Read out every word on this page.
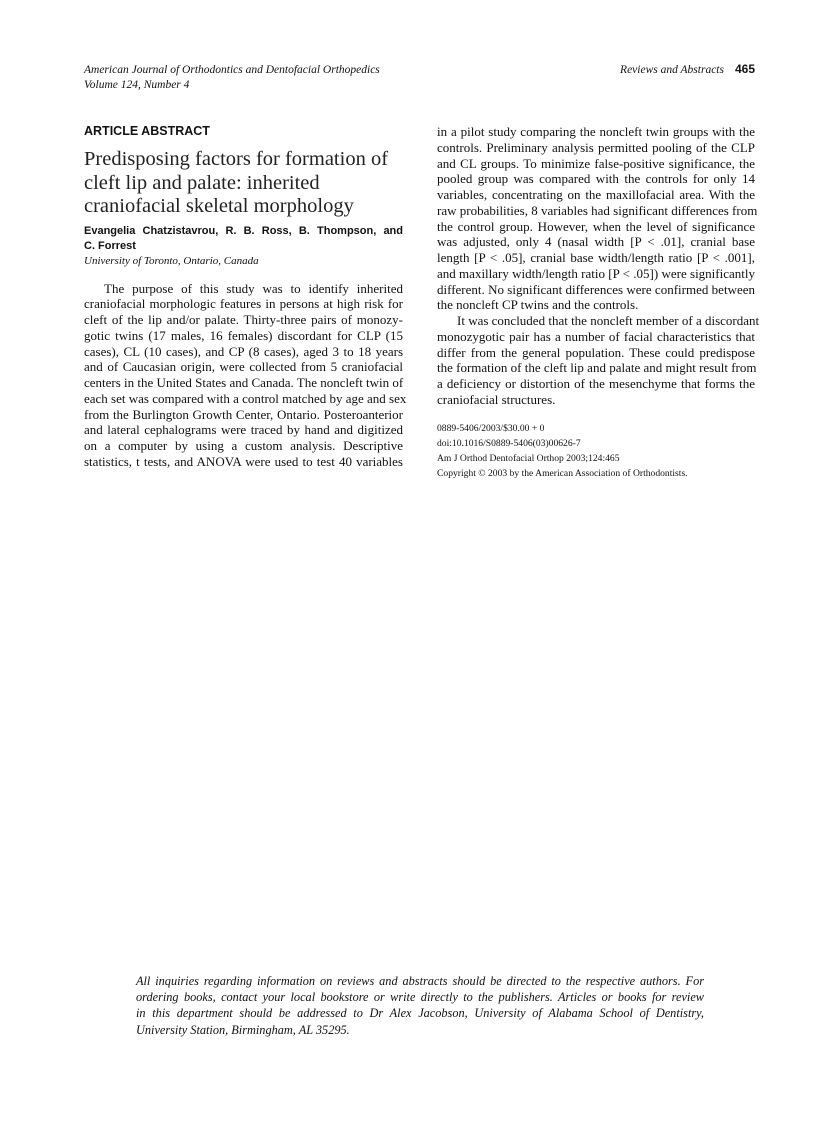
American Journal of Orthodontics and Dentofacial Orthopedics
Volume 124, Number 4
Reviews and Abstracts 465
ARTICLE ABSTRACT
Predisposing factors for formation of
cleft lip and palate: inherited
craniofacial skeletal morphology
Evangelia Chatzistavrou, R. B. Ross, B. Thompson, and
C. Forrest
University of Toronto, Ontario, Canada
The purpose of this study was to identify inherited
craniofacial morphologic features in persons at high risk for
cleft of the lip and/or palate. Thirty-three pairs of monozy-
gotic twins (17 males, 16 females) discordant for CLP (15
cases), CL (10 cases), and CP (8 cases), aged 3 to 18 years
and of Caucasian origin, were collected from 5 craniofacial
centers in the United States and Canada. The noncleft twin of
each set was compared with a control matched by age and sex
from the Burlington Growth Center, Ontario. Posteroanterior
and lateral cephalograms were traced by hand and digitized
on a computer by using a custom analysis. Descriptive
statistics, t tests, and ANOVA were used to test 40 variables
in a pilot study comparing the noncleft twin groups with the
controls. Preliminary analysis permitted pooling of the CLP
and CL groups. To minimize false-positive significance, the
pooled group was compared with the controls for only 14
variables, concentrating on the maxillofacial area. With the
raw probabilities, 8 variables had significant differences from
the control group. However, when the level of significance
was adjusted, only 4 (nasal width [P < .01], cranial base
length [P < .05], cranial base width/length ratio [P < .001],
and maxillary width/length ratio [P < .05]) were significantly
different. No significant differences were confirmed between
the noncleft CP twins and the controls.
It was concluded that the noncleft member of a discordant
monozygotic pair has a number of facial characteristics that
differ from the general population. These could predispose
the formation of the cleft lip and palate and might result from
a deficiency or distortion of the mesenchyme that forms the
craniofacial structures.
0889-5406/2003/$30.00 + 0
doi:10.1016/S0889-5406(03)00626-7
Am J Orthod Dentofacial Orthop 2003;124:465
Copyright © 2003 by the American Association of Orthodontists.
All inquiries regarding information on reviews and abstracts should be directed to the respective authors. For
ordering books, contact your local bookstore or write directly to the publishers. Articles or books for review
in this department should be addressed to Dr Alex Jacobson, University of Alabama School of Dentistry,
University Station, Birmingham, AL 35295.
